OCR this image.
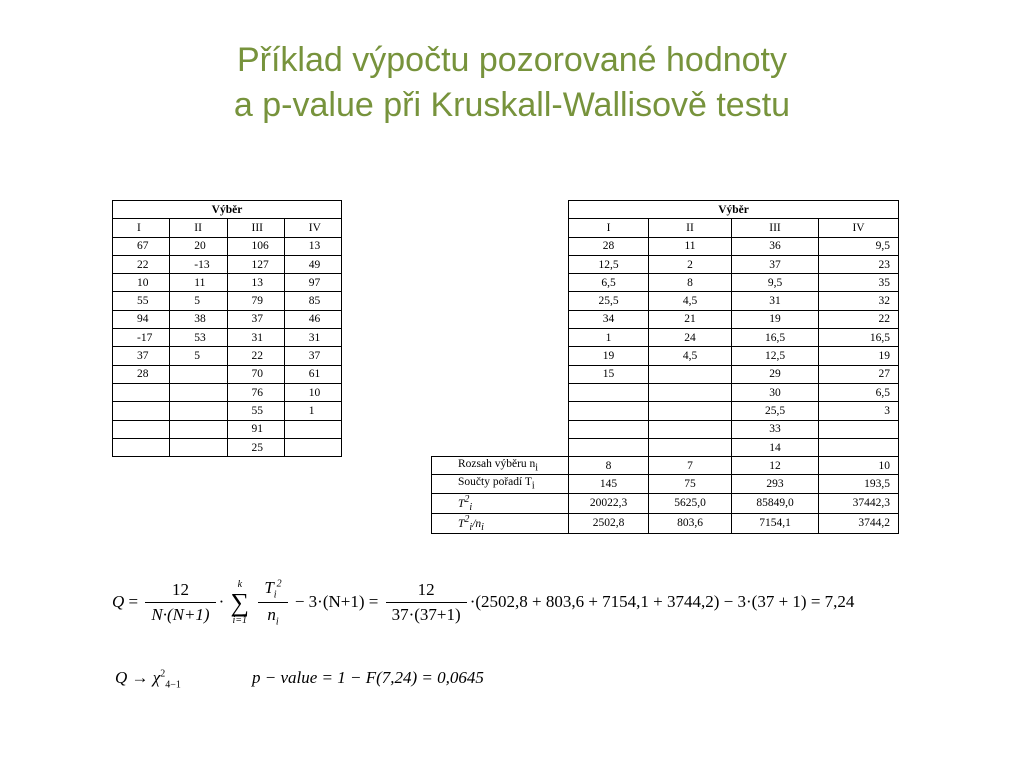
Příklad výpočtu pozorované hodnoty
a p-value při Kruskall-Wallisově testu
Výběr			
I	II	III	IV
67	20	106	13
22	-13	127	49
10	11	13	97
55	5	79	85
94	38	37	46
-17	53	31	31
37	5	22	37
28		70	61
		76	10
		55	1
		91	
		25	
	Výběr			
	I	II	III	IV
	28	11	36	9,5
	12,5	2	37	23
	6,5	8	9,5	35
	25,5	4,5	31	32
	34	21	19	22
	1	24	16,5	16,5
	19	4,5	12,5	19
	15		29	27
			30	6,5
			25,5	3
			33	
			14	
Rozsah výběru $n_i$	8	7	12	10
Součty pořadí $T_i$	145	75	293	193,5
$T^2_i$	20022,3	5625,0	85849,0	37442,3
$T^2_i/n_i$	2502,8	803,6	7154,1	3744,2
$Q = \frac{12}{N\cdot(N+1)}$ ·
k
∑
i=1
$\frac{T_i^2}{n_i} - 3\cdot(N+1) = \frac{12}{37\cdot(37+1)} \cdot(2502,8 + 803,6 + 7154,1 + 3744,2) - 3\cdot(37 + 1) = 7,24$
$Q \to \chi^2_{4-1}$	p − value = 1 − F(7,24) = 0,0645
